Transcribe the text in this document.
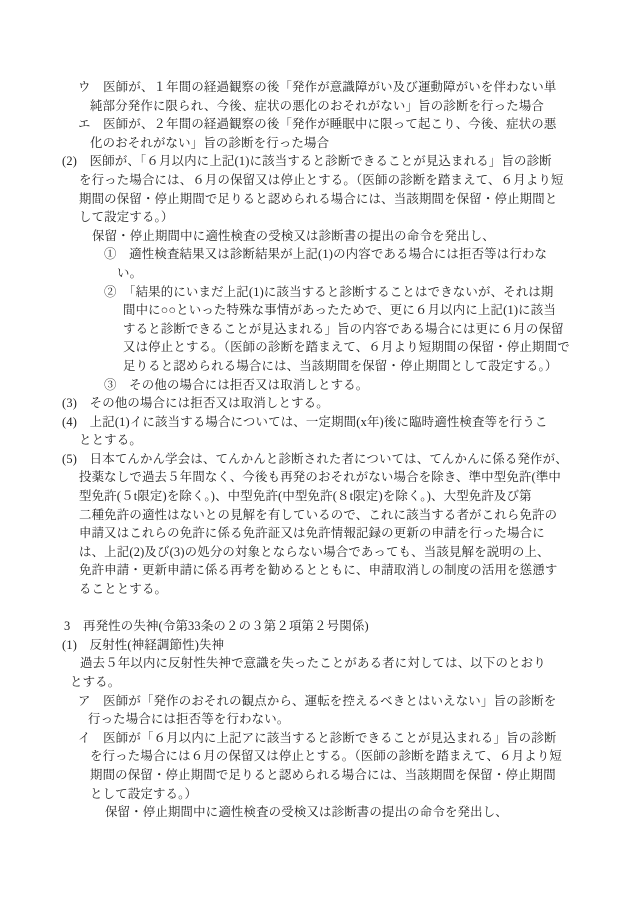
ウ　医師が、１年間の経過観察の後「発作が意識障がい及び運動障がいを伴わない単
純部分発作に限られ、今後、症状の悪化のおそれがない」旨の診断を行った場合
エ　医師が、２年間の経過観察の後「発作が睡眠中に限って起こり、今後、症状の悪
化のおそれがない」旨の診断を行った場合
(2)　医師が、「６月以内に上記(1)に該当すると診断できることが見込まれる」旨の診断
を行った場合には、６月の保留又は停止とする。（医師の診断を踏まえて、６月より短
期間の保留・停止期間で足りると認められる場合には、当該期間を保留・停止期間と
して設定する。）
保留・停止期間中に適性検査の受検又は診断書の提出の命令を発出し、
①　適性検査結果又は診断結果が上記(1)の内容である場合には拒否等は行わな
い。
②　「結果的にいまだ上記(1)に該当すると診断することはできないが、それは期
間中に○○といった特殊な事情があったためで、更に６月以内に上記(1)に該当
すると診断できることが見込まれる」旨の内容である場合には更に６月の保留
又は停止とする。（医師の診断を踏まえて、６月より短期間の保留・停止期間で
足りると認められる場合には、当該期間を保留・停止期間として設定する。）
③　その他の場合には拒否又は取消しとする。
(3)　その他の場合には拒否又は取消しとする。
(4)　上記(1)イに該当する場合については、一定期間(x年)後に臨時適性検査等を行うこ
ととする。
(5)　日本てんかん学会は、てんかんと診断された者については、てんかんに係る発作が、
投薬なしで過去５年間なく、今後も再発のおそれがない場合を除き、準中型免許(準中
型免許(５t限定)を除く。)、中型免許(中型免許(８t限定)を除く。)、大型免許及び第
二種免許の適性はないとの見解を有しているので、これに該当する者がこれら免許の
申請又はこれらの免許に係る免許証又は免許情報記録の更新の申請を行った場合に
は、上記(2)及び(3)の処分の対象とならない場合であっても、当該見解を説明の上、
免許申請・更新申請に係る再考を勧めるとともに、申請取消しの制度の活用を慫慂す
ることとする。
3　再発性の失神(令第33条の２の３第２項第２号関係)
(1)　反射性(神経調節性)失神
過去５年以内に反射性失神で意識を失ったことがある者に対しては、以下のとおり
とする。
ア　医師が「発作のおそれの観点から、運転を控えるべきとはいえない」旨の診断を
行った場合には拒否等を行わない。
イ　医師が「６月以内に上記アに該当すると診断できることが見込まれる」旨の診断
を行った場合には６月の保留又は停止とする。（医師の診断を踏まえて、６月より短
期間の保留・停止期間で足りると認められる場合には、当該期間を保留・停止期間
として設定する。）
保留・停止期間中に適性検査の受検又は診断書の提出の命令を発出し、
